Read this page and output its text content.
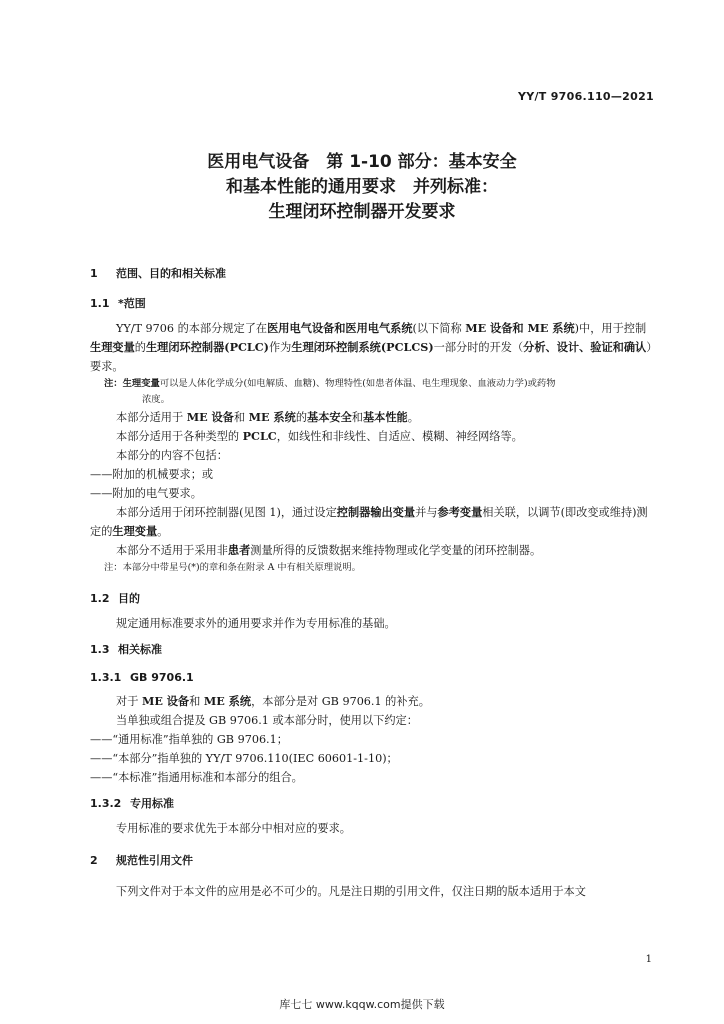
YY/T 9706.110—2021
医用电气设备　第 1-10 部分：基本安全
和基本性能的通用要求　并列标准：
生理闭环控制器开发要求
1 范围、目的和相关标准
1.1 *范围

YY/T 9706 的本部分规定了在医用电气设备和医用电气系统(以下简称 ME 设备和 ME 系统)中，用于控制生理变量的生理闭环控制器(PCLC)作为生理闭环控制系统(PCLCS)一部分时的开发（分析、设计、验证和确认）要求。

注：生理变量可以是人体化学成分(如电解质、血糖)、物理特性(如患者体温、电生理现象、血液动力学)或药物
浓度。

本部分适用于 ME 设备和 ME 系统的基本安全和基本性能。

本部分适用于各种类型的 PCLC，如线性和非线性、自适应、模糊、神经网络等。

本部分的内容不包括：

——附加的机械要求；或

——附加的电气要求。

本部分适用于闭环控制器(见图 1)，通过设定控制器输出变量并与参考变量相关联，以调节(即改变或维持)测定的生理变量。

本部分不适用于采用非患者测量所得的反馈数据来维持物理或化学变量的闭环控制器。

注：本部分中带星号(*)的章和条在附录 A 中有相关原理说明。
1.2 目的

规定通用标准要求外的通用要求并作为专用标准的基础。

1.3 相关标准
1.3.1 GB 9706.1

对于 ME 设备和 ME 系统，本部分是对 GB 9706.1 的补充。

当单独或组合提及 GB 9706.1 或本部分时，使用以下约定：

——“通用标准”指单独的 GB 9706.1；

——“本部分”指单独的 YY/T 9706.110(IEC 60601-1-10)；

——“本标准”指通用标准和本部分的组合。

1.3.2 专用标准

专用标准的要求优先于本部分中相对应的要求。

2 规范性引用文件

下列文件对于本文件的应用是必不可少的。凡是注日期的引用文件，仅注日期的版本适用于本文

1
库七七 www.kqqw.com提供下载
